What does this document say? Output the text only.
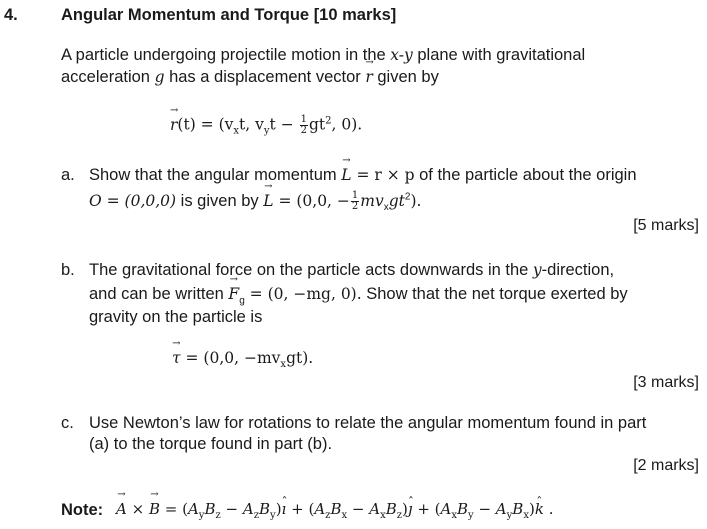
4.	Angular Momentum and Torque [10 marks]
A particle undergoing projectile motion in the x-y plane with gravitational
acceleration g has a displacement vector → r given by
→ $r(t) = (v_xt$, $v_yt - \frac{1}{2} gt^2$, 0).
a. Show that the angular momentum → L = r × p of the particle about the origin
O = (0,0,0) is given by → L = (0,0, − $\frac{1}{2} mv_xgt^2$).
[5 marks]
b. The gravitational force on the particle acts downwards in the y-direction,
and can be written → $F_g = (0$, −mg, 0). Show that the net torque exerted by
gravity on the particle is
→ τ = (0,0, $-mv_xgt$).
[3 marks]
c. Use Newton’s law for rotations to relate the angular momentum found in part
(a) to the torque found in part (b).
[2 marks]
Note:
→ A × → $B = (A_yB_z$ − $A_zB_y)ˆ$ ı + ($A_zB_x$ − $A_xB_z)ˆ$ ȷ + ($A_xB_y$ − $A_yB_x)ˆ$ k .
